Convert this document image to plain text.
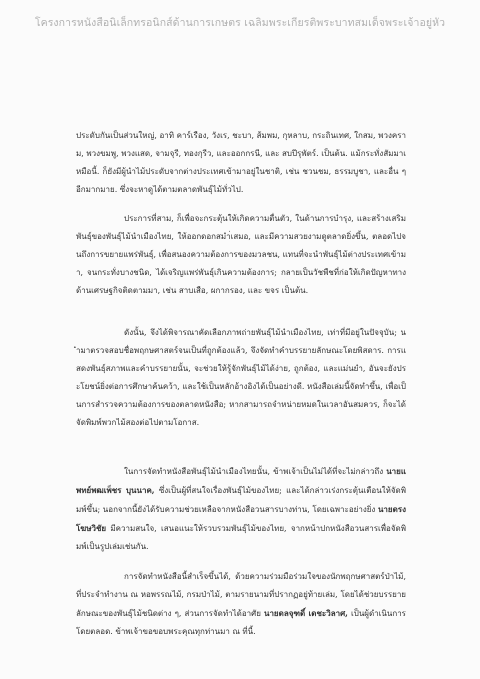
โครงการหนังสือนิเล็กทรอนิกส์ด้านการเกษตร เฉลิมพระเกียรติพระบาทสมเด็จพระเจ้าอยู่หัว

ประดับกันเป็นส่วนใหญ่, อาทิ คาร์เรือง, วังเร, ชะบา, ส้มพม, กุหลาบ, กระถินเทศ, ใกสม, พวงคราม, พวงขมพู, พวงแสด, จามจุรี, ทองกุรีว, และออกกรนี, และ สบปีรุพัตร์. เป็นต้น. แม้กระทั่งสัมมาเหมือนี้. ก็ยังมีผู้นำไม้ประดับจากต่างประเทศเข้ามาอยู่ในชาติ, เช่น ชวนชม, ธรรมบูชา, และอื่น ๆ อีกมากมาย. ซึ่งจะหาดูได้ตามตลาดพันธุ์ไม้ทั่วไป.

ประการที่สาม, ก็เพื่อจะกระตุ้นให้เกิดความตื่นตัว, ในด้านการบำรุง, และสร้างเสริมพันธุ์ของพันธุ์ไม้นำเมืองไทย, ให้ออกดอกสมำ่เสมอ, และมีความสวยงามดูตลาดยิ่งขึ้น, ตลอดไปจนถึงการขยายแพร่พันธุ์, เพื่อสนองความต้องการของมวลชน, แทนที่จะนำพันธุ์ไม้ต่างประเทศเข้ามา, จนกระทั่งบางชนิด, ได้เจริญแพร่พันธุ์เกินความต้องการ; กลายเป็นวัชพืชที่ก่อให้เกิดปัญหาทางด้านเศรษฐกิจติดตามมา, เช่น สาบเสือ, ผกากรอง, และ ขจร เป็นต้น.

ดังนั้น, จึงได้พิจารณาคัดเลือกภาพถ่ายพันธุ์ไม้นำเมืองไทย, เท่าที่มีอยู่ในปัจจุบัน; นำมาตรวจสอบชื่อพฤกษศาสตร์จนเป็นที่ถูกต้องแล้ว, จึงจัดทำคำบรรยายลักษณะโดยพิสดาร. การแสดงพันธุ์สภาพและคำบรรยายนั้น, จะช่วยให้รู้จักพันธุ์ไม้ได้ง่าย, ถูกต้อง, และแม่นยำ, อันจะยังประโยชน์ยิ่งต่อการศึกษาค้นคว้า, และใช้เป็นหลักอ้างอิงได้เป็นอย่างดี. หนังสือเล่มนี้จัดทำขึ้น, เพื่อเป็นการสำรวจความต้องการของตลาดหนังสือ; หากสามารถจำหน่ายหมดในเวลาอันสมควร, ก็จะได้จัดพิมพ์พวกไม้สองต่อไปตามโอกาส.

ในการจัดทำหนังสือพันธุ์ไม้นำเมืองไทยนั้น, ข้าพเจ้าเป็นไม่ได้ที่จะไม่กล่าวถึง นายแพทย์พฒเพ็ชร บุนนาค, ซึ่งเป็นผู้ที่สนใจเรื่องพันธุ์ไม้ของไทย; และได้กล่าวเร่งกระตุ้นเตือนให้จัดพิมพ์ขึ้น; นอกจากนี้ยังได้รับความช่วยเหลือจากหนังสือวนสารบางท่าน, โดยเฉพาะอย่างยิ่ง นายดรง โฆษวิชัย มีความสนใจ, เสนอแนะให้รวบรวมพันธุ์ไม้ของไทย, จากหน้าปกหนังสือวนสารเพื่อจัดพิมพ์เป็นรูปเล่มเช่นกัน.

การจัดทำหนังสือนี้สำเร็จขึ้นได้, ด้วยความร่วมมือร่วมใจของนักพฤกษศาสตร์ป่าไม้, ที่ประจำทำงาน ณ หอพรรณไม้, กรมป่าไม้, ตามรายนามที่ปรากฏอยู่ท้ายเล่ม, โดยได้ช่วยบรรยายลักษณะของพันธุ์ไม้ชนิดต่าง ๆ, ส่วนการจัดทำได้อาศัย นายดลจุฑดิ์ เดชะวิลาศ, เป็นผู้ดำเนินการโดยตลอด. ข้าพเจ้าขอขอบพระคุณทุกท่านมา ณ ที่นี้.
